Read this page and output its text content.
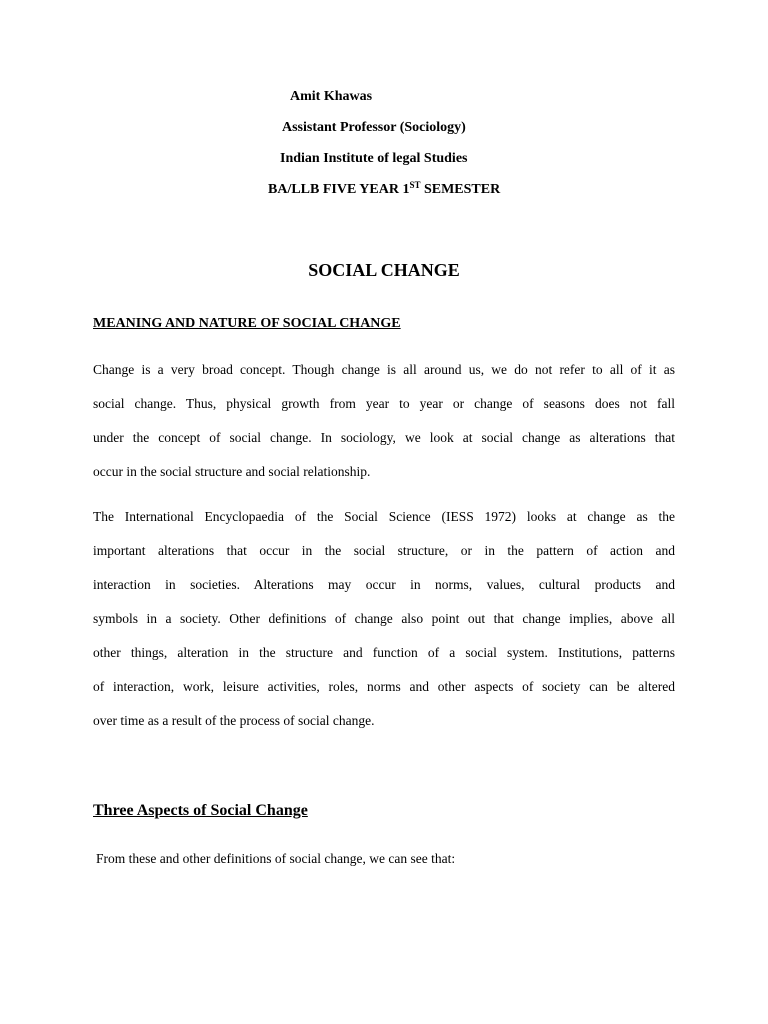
Amit Khawas
Assistant Professor (Sociology)
Indian Institute of legal Studies
BA/LLB FIVE YEAR 1ST SEMESTER
SOCIAL CHANGE
MEANING AND NATURE OF SOCIAL CHANGE
Change is a very broad concept. Though change is all around us, we do not refer to all of it as
social change. Thus, physical growth from year to year or change of seasons does not fall
under the concept of social change. In sociology, we look at social change as alterations that
occur in the social structure and social relationship.
The International Encyclopaedia of the Social Science (IESS 1972) looks at change as the
important alterations that occur in the social structure, or in the pattern of action and
interaction in societies. Alterations may occur in norms, values, cultural products and
symbols in a society. Other definitions of change also point out that change implies, above all
other things, alteration in the structure and function of a social system. Institutions, patterns
of interaction, work, leisure activities, roles, norms and other aspects of society can be altered
over time as a result of the process of social change.
Three Aspects of Social Change
From these and other definitions of social change, we can see that:
